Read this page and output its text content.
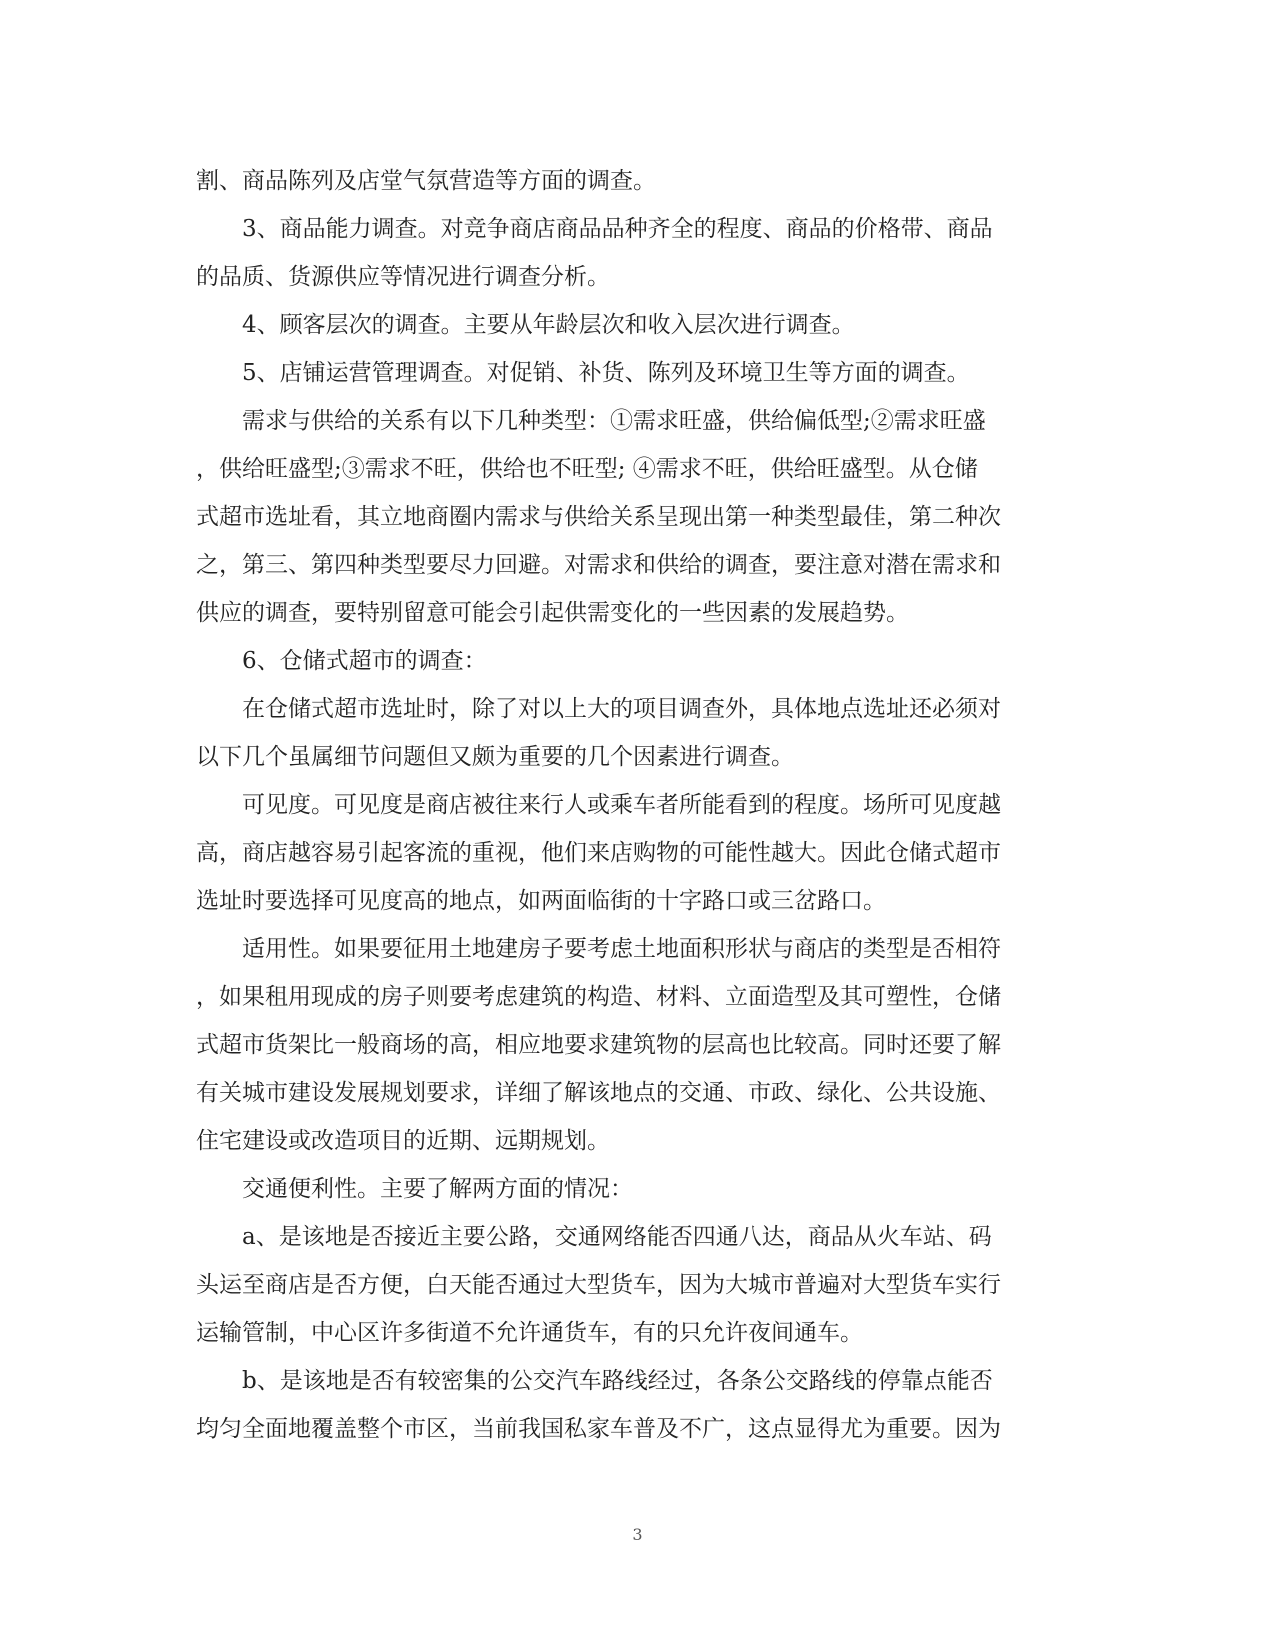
割、商品陈列及店堂气氛营造等方面的调查。
3、商品能力调查。对竞争商店商品品种齐全的程度、商品的价格带、商品
的品质、货源供应等情况进行调查分析。
4、顾客层次的调查。主要从年龄层次和收入层次进行调查。
5、店铺运营管理调查。对促销、补货、陈列及环境卫生等方面的调查。
需求与供给的关系有以下几种类型：①需求旺盛，供给偏低型;②需求旺盛
，供给旺盛型;③需求不旺，供给也不旺型; ④需求不旺，供给旺盛型。从仓储
式超市选址看，其立地商圈内需求与供给关系呈现出第一种类型最佳，第二种次
之，第三、第四种类型要尽力回避。对需求和供给的调查，要注意对潜在需求和
供应的调查，要特别留意可能会引起供需变化的一些因素的发展趋势。
6、仓储式超市的调查：
在仓储式超市选址时，除了对以上大的项目调查外，具体地点选址还必须对
以下几个虽属细节问题但又颇为重要的几个因素进行调查。
可见度。可见度是商店被往来行人或乘车者所能看到的程度。场所可见度越
高，商店越容易引起客流的重视，他们来店购物的可能性越大。因此仓储式超市
选址时要选择可见度高的地点，如两面临街的十字路口或三岔路口。
适用性。如果要征用土地建房子要考虑土地面积形状与商店的类型是否相符
，如果租用现成的房子则要考虑建筑的构造、材料、立面造型及其可塑性，仓储
式超市货架比一般商场的高，相应地要求建筑物的层高也比较高。同时还要了解
有关城市建设发展规划要求，详细了解该地点的交通、市政、绿化、公共设施、
住宅建设或改造项目的近期、远期规划。
交通便利性。主要了解两方面的情况：
a、是该地是否接近主要公路，交通网络能否四通八达，商品从火车站、码
头运至商店是否方便，白天能否通过大型货车，因为大城市普遍对大型货车实行
运输管制，中心区许多街道不允许通货车，有的只允许夜间通车。
b、是该地是否有较密集的公交汽车路线经过，各条公交路线的停靠点能否
均匀全面地覆盖整个市区，当前我国私家车普及不广，这点显得尤为重要。因为
3
